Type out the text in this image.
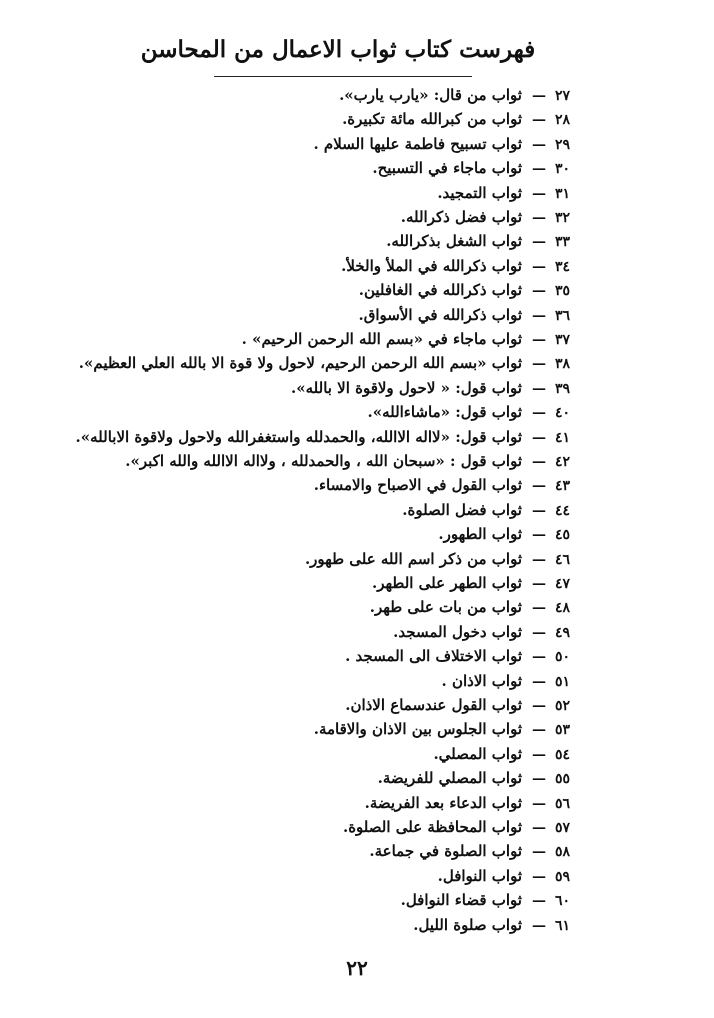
فهرست كتاب ثواب الاعمال من المحاسن
٢٧—ثواب من قال: «يارب يارب».
٢٨—ثواب من كبرالله مائة تكبيرة.
٢٩—ثواب تسبيح فاطمة عليها السلام .
٣٠—ثواب ماجاء في التسبيح.
٣١—ثواب التمجيد.
٣٢—ثواب فضل ذكرالله.
٣٣—ثواب الشغل بذكرالله.
٣٤—ثواب ذكرالله في الملأ والخلأ.
٣٥—ثواب ذكرالله في الغافلين.
٣٦—ثواب ذكرالله في الأسواق.
٣٧—ثواب ماجاء في «بسم الله الرحمن الرحيم» .
٣٨—ثواب «بسم الله الرحمن الرحيم، لاحول ولا قوة الا بالله العلي العظيم».
٣٩—ثواب قول: « لاحول ولاقوة الا بالله».
٤٠—ثواب قول: «ماشاءالله».
٤١—ثواب قول: «لااله الاالله، والحمدلله واستغفرالله ولاحول ولاقوة الابالله».
٤٢—ثواب قول : «سبحان الله ، والحمدلله ، ولااله الاالله والله اكبر».
٤٣—ثواب القول في الاصباح والامساء.
٤٤—ثواب فضل الصلوة.
٤٥—ثواب الطهور.
٤٦—ثواب من ذكر اسم الله على طهور.
٤٧—ثواب الطهر على الطهر.
٤٨—ثواب من بات على طهر.
٤٩—ثواب دخول المسجد.
٥٠—ثواب الاختلاف الى المسجد .
٥١—ثواب الاذان .
٥٢—ثواب القول عندسماع الاذان.
٥٣—ثواب الجلوس بين الاذان والاقامة.
٥٤—ثواب المصلي.
٥٥—ثواب المصلي للفريضة.
٥٦—ثواب الدعاء بعد الفريضة.
٥٧—ثواب المحافظة على الصلوة.
٥٨—ثواب الصلوة في جماعة.
٥٩—ثواب النوافل.
٦٠—ثواب قضاء النوافل.
٦١—ثواب صلوة الليل.
٢٢
